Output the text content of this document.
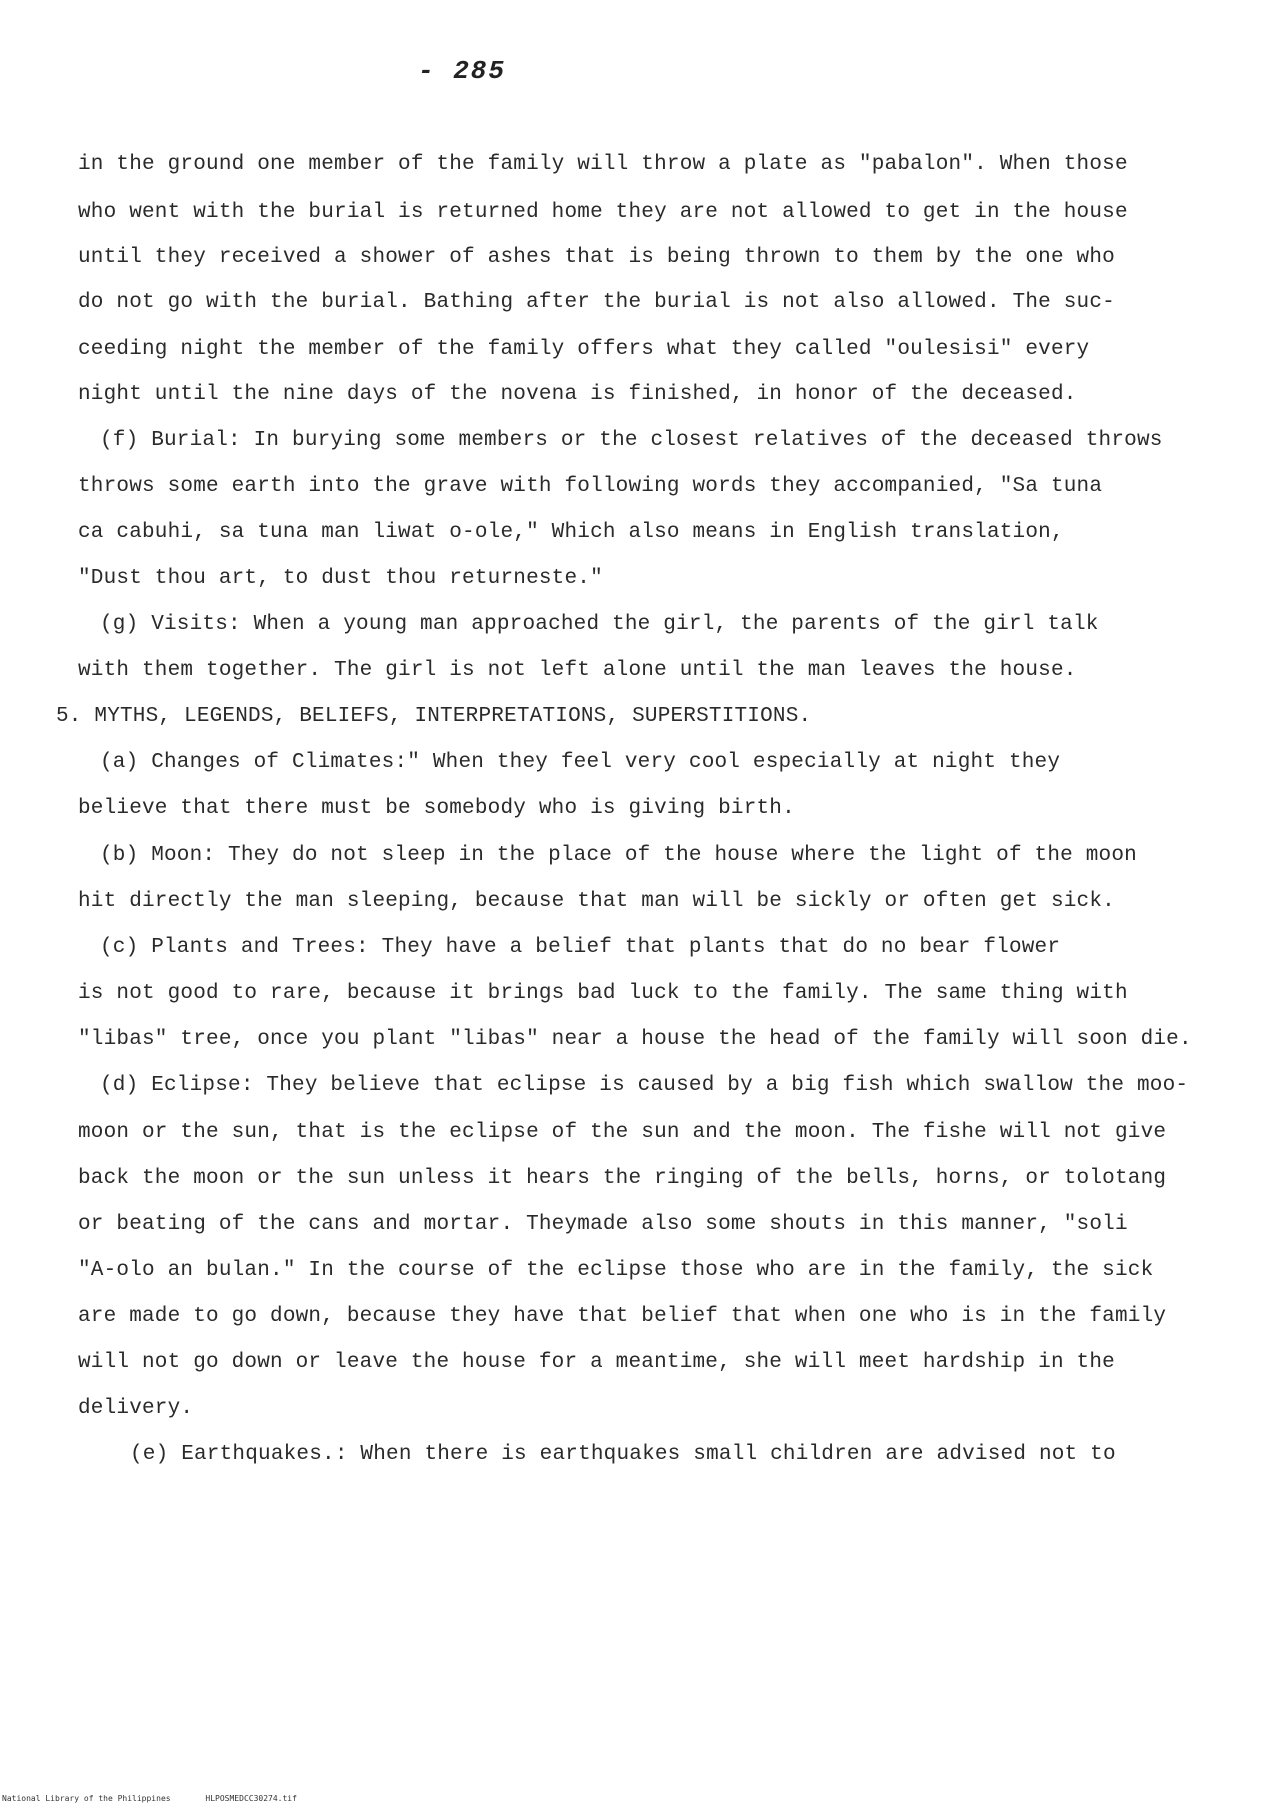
- 285
in the ground one member of the family will throw a plate as "pabalon". When those
who went with the burial is returned home they are not allowed to get in the house
until they received a shower of ashes that is being thrown to them by the one who
do not go with the burial. Bathing after the burial is not also allowed. The suc-
ceeding night the member of the family offers what they called "oulesisi" every
night until the nine days of the novena is finished, in honor of the deceased.
(f) Burial: In burying some members or the closest relatives of the deceased throws
throws some earth into the grave with following words they accompanied, "Sa tuna
ca cabuhi, sa tuna man liwat o-ole," Which also means in English translation,
"Dust thou art, to dust thou returneste."
(g) Visits: When a young man approached the girl, the parents of the girl talk
with them together. The girl is not left alone until the man leaves the house.
5. MYTHS, LEGENDS, BELIEFS, INTERPRETATIONS, SUPERSTITIONS.
(a) Changes of Climates:" When they feel very cool especially at night they
believe that there must be somebody who is giving birth.
(b) Moon: They do not sleep in the place of the house where the light of the moon
hit directly the man sleeping, because that man will be sickly or often get sick.
(c) Plants and Trees: They have a belief that plants that do no bear flower
is not good to rare, because it brings bad luck to the family. The same thing with
"libas" tree, once you plant "libas" near a house the head of the family will soon die.
(d) Eclipse: They believe that eclipse is caused by a big fish which swallow the moo-
moon or the sun, that is the eclipse of the sun and the moon. The fishe will not give
back the moon or the sun unless it hears the ringing of the bells, horns, or tolotang
or beating of the cans and mortar. Theymade also some shouts in this manner, "soli
"A-olo an bulan." In the course of the eclipse those who are in the family, the sick
are made to go down, because they have that belief that when one who is in the family
will not go down or leave the house for a meantime, she will meet hardship in the
delivery.
(e) Earthquakes.: When there is earthquakes small children are advised not to
National Library of the Philippines	HLPOSMEDCC30274.tif
